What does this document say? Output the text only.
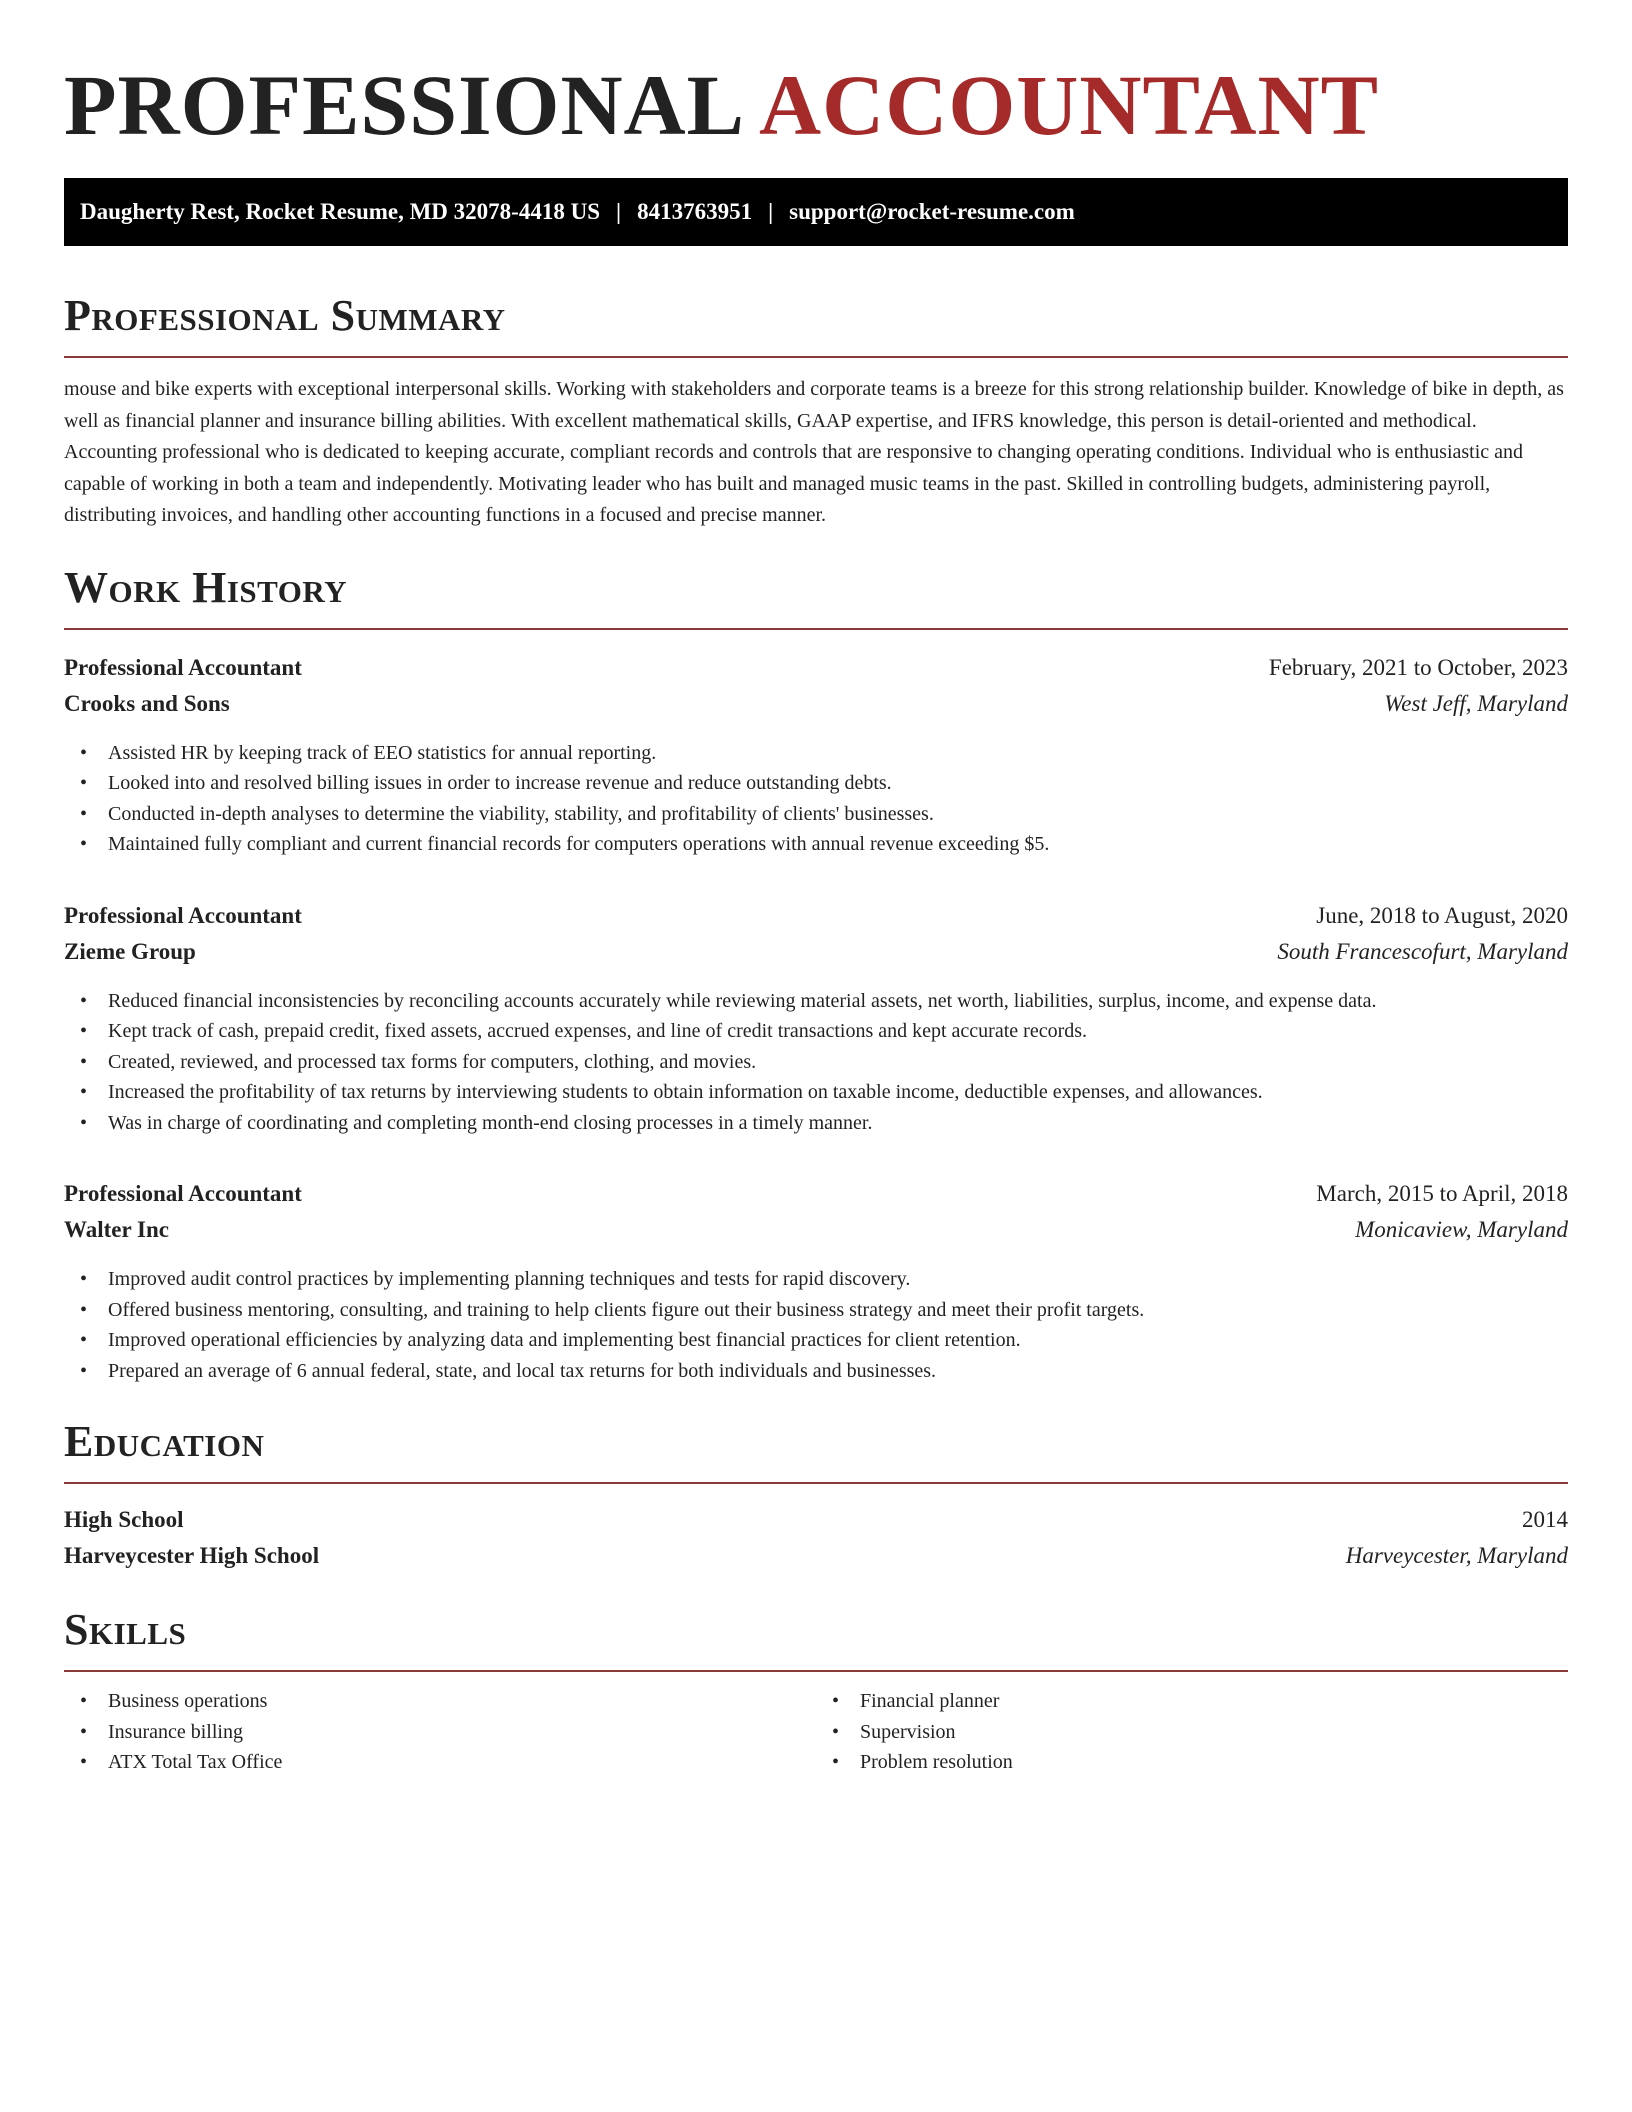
PROFESSIONAL ACCOUNTANT
Daugherty Rest, Rocket Resume, MD 32078-4418 US | 8413763951 | support@rocket-resume.com
Professional Summary

mouse and bike experts with exceptional interpersonal skills. Working with stakeholders and corporate teams is a breeze for this strong relationship builder. Knowledge of bike in depth, as well as financial planner and insurance billing abilities. With excellent mathematical skills, GAAP expertise, and IFRS knowledge, this person is detail-oriented and methodical. Accounting professional who is dedicated to keeping accurate, compliant records and controls that are responsive to changing operating conditions. Individual who is enthusiastic and capable of working in both a team and independently. Motivating leader who has built and managed music teams in the past. Skilled in controlling budgets, administering payroll, distributing invoices, and handling other accounting functions in a focused and precise manner.

Work History
Professional Accountant	February, 2021 to October, 2023
Crooks and Sons	West Jeff, Maryland
• Assisted HR by keeping track of EEO statistics for annual reporting.
• Looked into and resolved billing issues in order to increase revenue and reduce outstanding debts.
• Conducted in-depth analyses to determine the viability, stability, and profitability of clients' businesses.
• Maintained fully compliant and current financial records for computers operations with annual revenue exceeding $5.
Professional Accountant	June, 2018 to August, 2020
Zieme Group	South Francescofurt, Maryland
• Reduced financial inconsistencies by reconciling accounts accurately while reviewing material assets, net worth, liabilities, surplus, income, and expense data.
• Kept track of cash, prepaid credit, fixed assets, accrued expenses, and line of credit transactions and kept accurate records.
• Created, reviewed, and processed tax forms for computers, clothing, and movies.
• Increased the profitability of tax returns by interviewing students to obtain information on taxable income, deductible expenses, and allowances.
• Was in charge of coordinating and completing month-end closing processes in a timely manner.
Professional Accountant	March, 2015 to April, 2018
Walter Inc	Monicaview, Maryland
• Improved audit control practices by implementing planning techniques and tests for rapid discovery.
• Offered business mentoring, consulting, and training to help clients figure out their business strategy and meet their profit targets.
• Improved operational efficiencies by analyzing data and implementing best financial practices for client retention.
• Prepared an average of 6 annual federal, state, and local tax returns for both individuals and businesses.
Education
High School	2014
Harveycester High School	Harveycester, Maryland
Skills
• Business operations
• Insurance billing
• ATX Total Tax Office
• Financial planner
• Supervision
• Problem resolution
